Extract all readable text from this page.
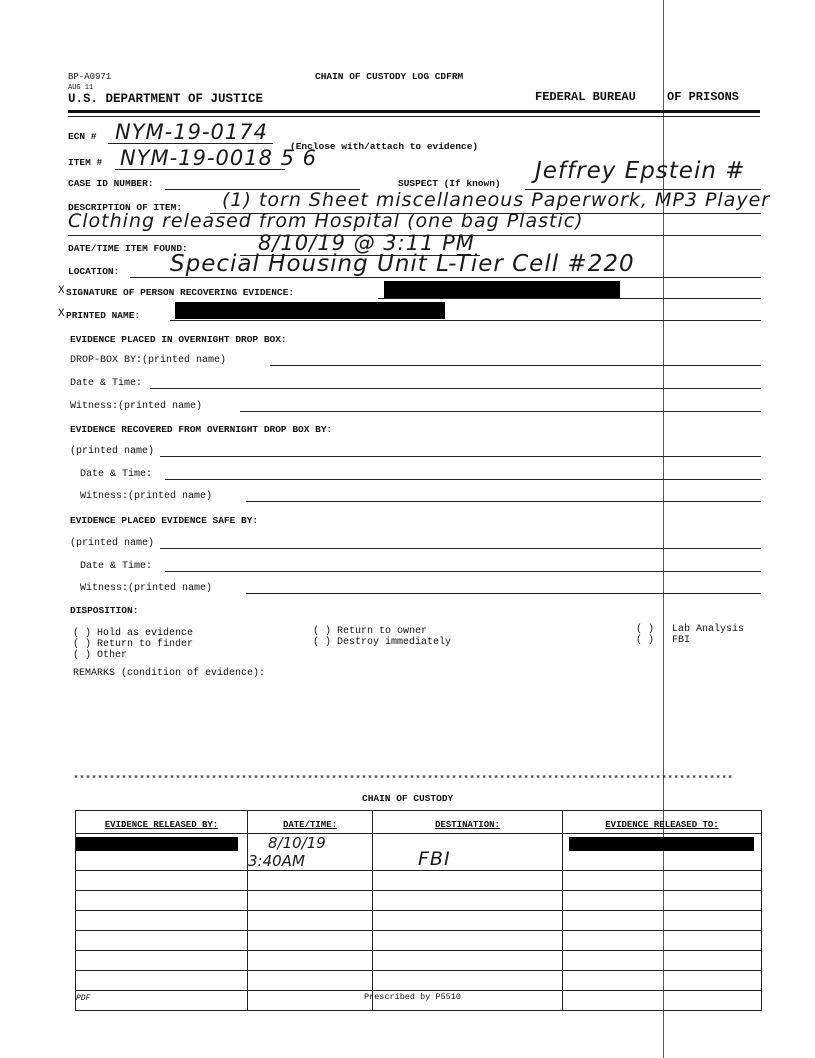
BP-A0971	CHAIN OF CUSTODY LOG CDFRM
AUG 11
U.S. DEPARTMENT OF JUSTICE	FEDERAL BUREAU	OF PRISONS
ECN # NYM-19-0174
ITEM # NYM-19-0018 5 6
(Enclose with/attach to evidence)
CASE ID NUMBER:	SUSPECT (If known) Jeffrey Epstein #
DESCRIPTION OF ITEM: (1) torn Sheet miscellaneous Paperwork, MP3 Player
Clothing released from Hospital (one bag Plastic)
DATE/TIME ITEM FOUND:	8/10/19 @ 3:11 PM
LOCATION: Special Housing Unit L-Tier Cell #220
X SIGNATURE OF PERSON RECOVERING EVIDENCE:
X PRINTED NAME:
EVIDENCE PLACED IN OVERNIGHT DROP BOX:
DROP-BOX BY:(printed name)
Date & Time:
Witness:(printed name)
EVIDENCE RECOVERED FROM OVERNIGHT DROP BOX BY:
(printed name)
Date & Time:
Witness:(printed name)
EVIDENCE PLACED EVIDENCE SAFE BY:
(printed name)
Date & Time:
Witness:(printed name)
DISPOSITION:
( ) Hold as evidence
( ) Return to finder
( ) Other
( ) Return to owner
( ) Destroy immediately
( )
( )
Lab Analysis
FBI
REMARKS (condition of evidence):
**************************************************************************************************************
CHAIN OF CUSTODY
EVIDENCE RELEASED BY:	DATE/TIME:	DESTINATION:	EVIDENCE RELEASED TO:

	8/10/19 3:40AM	FBI	

PDF	Prescribed by P5510
